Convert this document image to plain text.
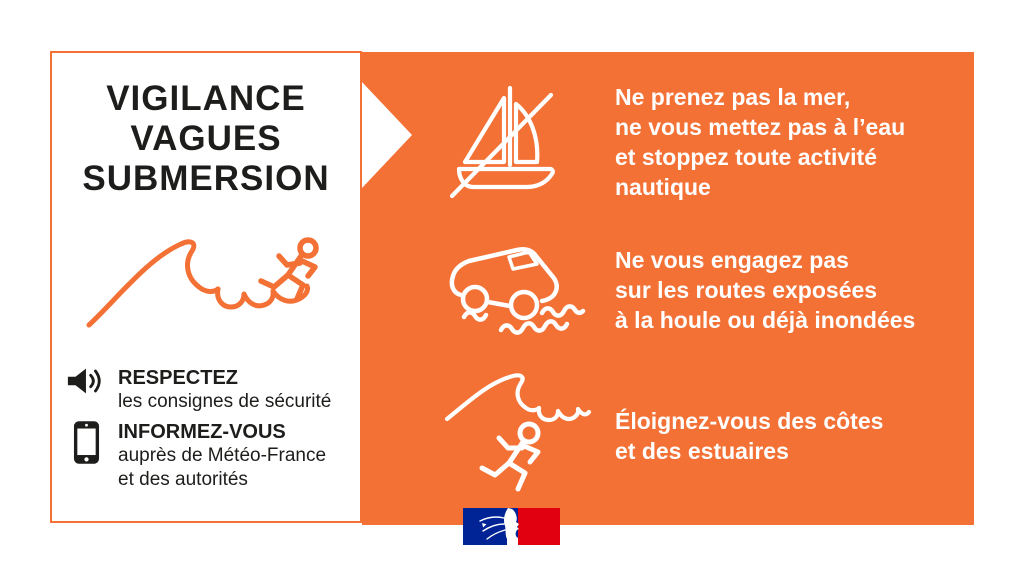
VIGILANCE
VAGUES
SUBMERSION
RESPECTEZ
les consignes de sécurité
INFORMEZ-VOUS
auprès de Météo-France
et des autorités
Ne prenez pas la mer,
ne vous mettez pas à l’eau
et stoppez toute activité
nautique
Ne vous engagez pas
sur les routes exposées
à la houle ou déjà inondées
Éloignez-vous des côtes
et des estuaires
